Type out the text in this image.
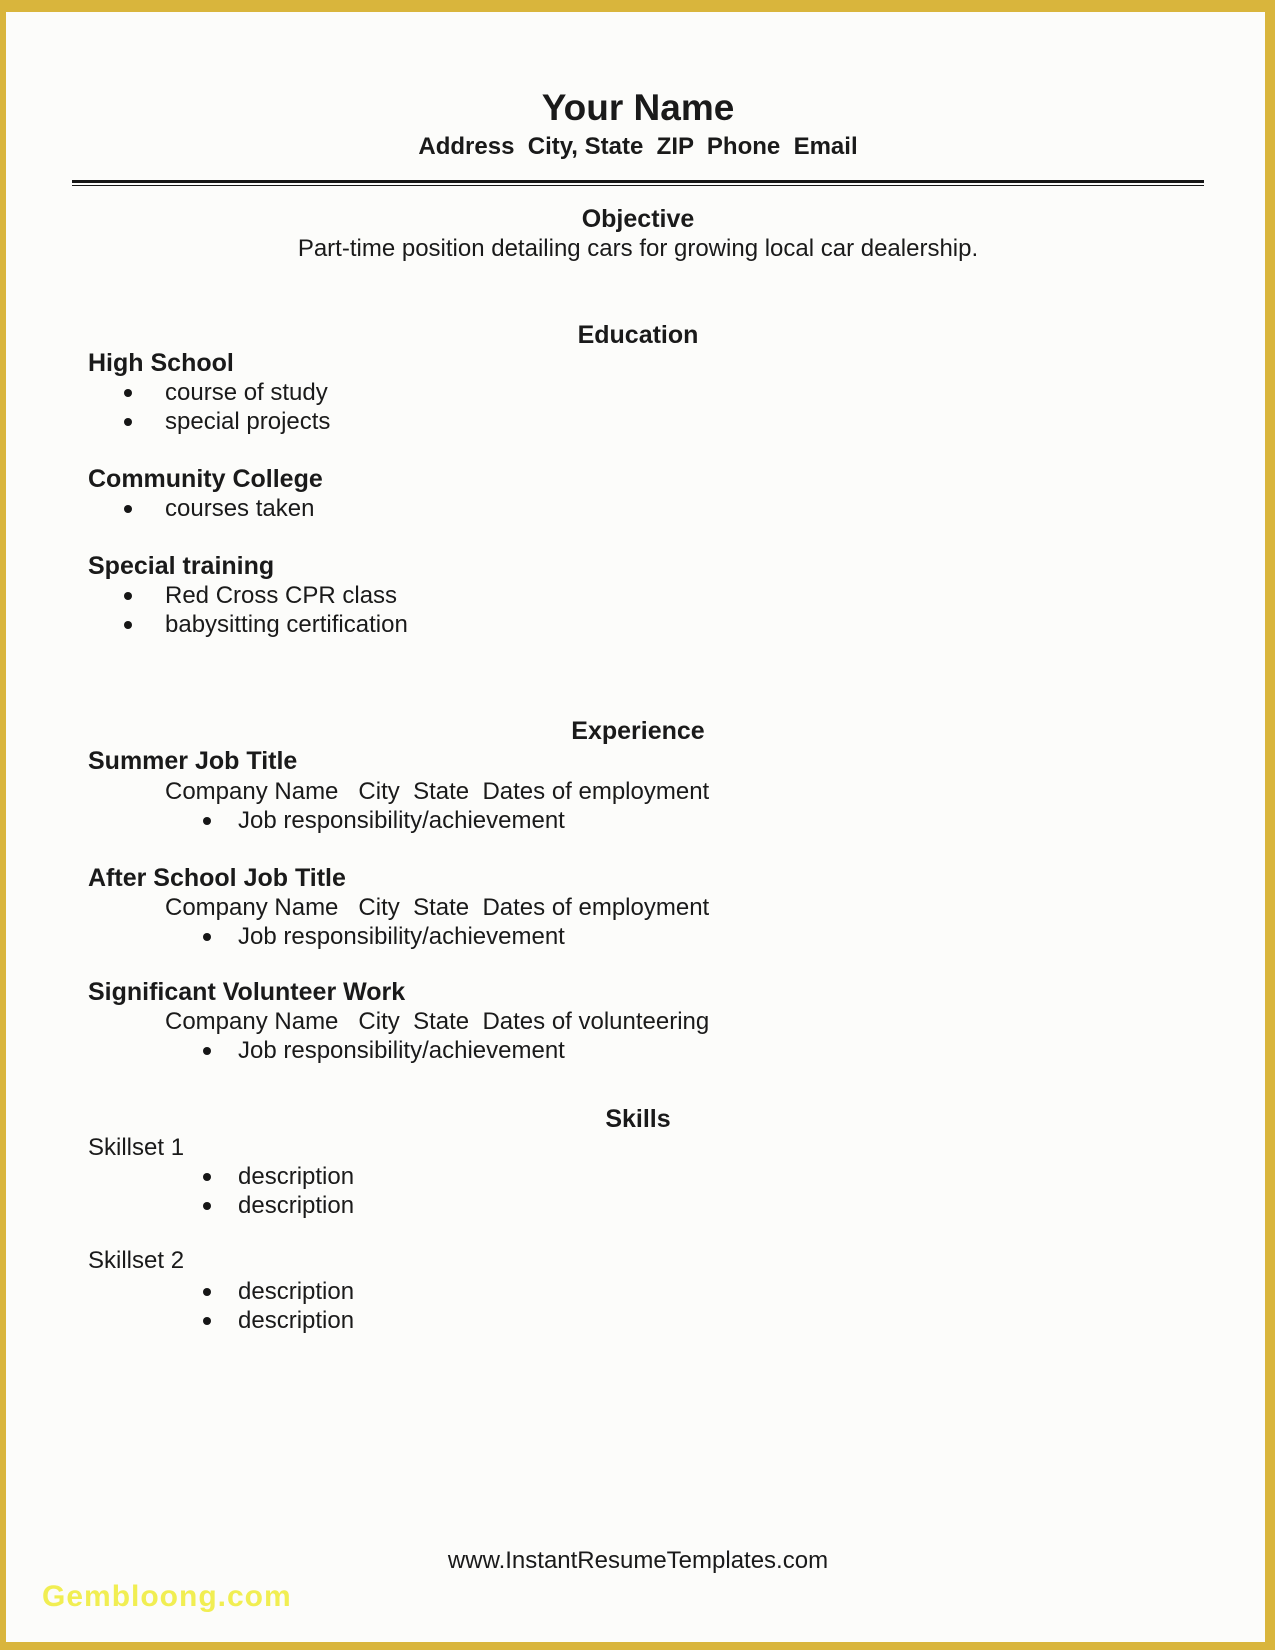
Your Name
Address  City, State  ZIP  Phone  Email
Objective
Part-time position detailing cars for growing local car dealership.
Education
High School
course of study
special projects
Community College
courses taken
Special training
Red Cross CPR class
babysitting certification
Experience
Summer Job Title
Company Name   City  State  Dates of employment
Job responsibility/achievement
After School Job Title
Company Name   City  State  Dates of employment
Job responsibility/achievement
Significant Volunteer Work
Company Name   City  State  Dates of volunteering
Job responsibility/achievement
Skills
Skillset 1
description
description
Skillset 2
description
description
www.InstantResumeTemplates.com
Gembloong.com
